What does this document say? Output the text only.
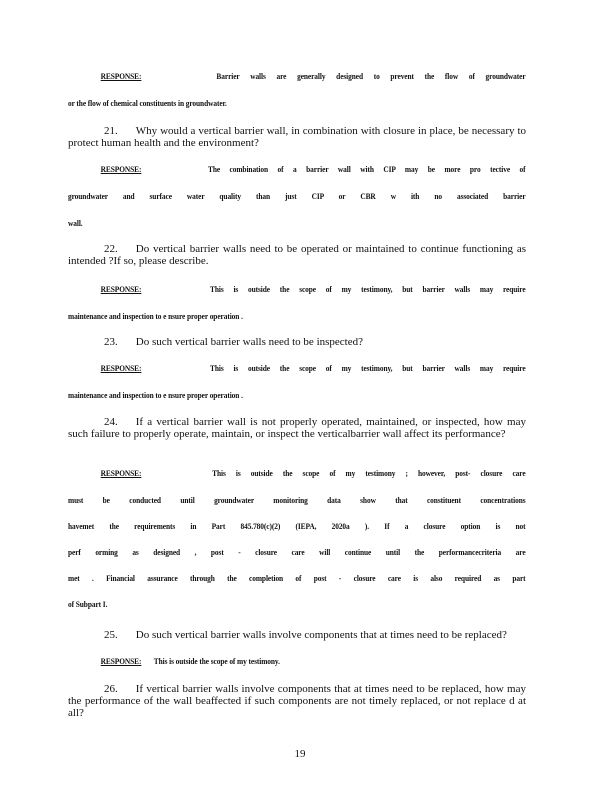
RESPONSE:	Barrier walls are generally designed to prevent the flow of groundwater
or the flow of chemical constituents in groundwater.
21. Why would a vertical barrier wall, in combination with closure in place, be necessary to protect human health and the environment?
RESPONSE:	The combination of a barrier wall with CIP may be more pro tective of
groundwater and surface water quality than just CIP or CBR w ith no associated barrier
wall.
22. Do vertical barrier walls need to be operated or maintained to continue functioning as intended ?If so, please describe.
RESPONSE:	This is outside the scope of my testimony, but barrier walls may require
maintenance and inspection to e nsure proper operation .
23. Do such vertical barrier walls need to be inspected?
RESPONSE:	This is outside the scope of my testimony, but barrier walls may require
maintenance and inspection to e nsure proper operation .
24. If a vertical barrier wall is not properly operated, maintained, or inspected, how may such failure to properly operate, maintain, or inspect the verticalbarrier wall affect its performance?
RESPONSE:	This is outside the scope of my testimony ; however, post- closure care
must be conducted until groundwater monitoring data show that constituent concentrations
havemet the requirements in Part 845.780(c)(2) (IEPA, 2020a ). If a closure option is not
perf orming as designed , post - closure care will continue until the performancecriteria are
met . Financial assurance through the completion of post - closure care is also required as part
of Subpart I.
25. Do such vertical barrier walls involve components that at times need to be replaced?
RESPONSE: This is outside the scope of my testimony.
26. If vertical barrier walls involve components that at times need to be replaced, how may the performance of the wall beaffected if such components are not timely replaced, or not replace d at all?
19
